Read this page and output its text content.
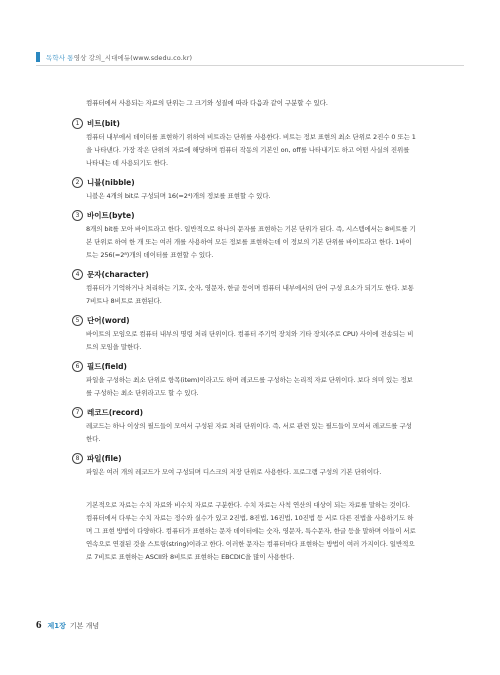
독학사 통영상 강의_시대에듀(www.sdedu.co.kr)

컴퓨터에서 사용되는 자료의 단위는 그 크기와 성질에 따라 다음과 같이 구분할 수 있다.

1	비트(bit)

컴퓨터 내부에서 데이터를 표현하기 위하여 비트라는 단위를 사용한다. 비트는 정보 표현의 최소 단위로 2진수 0 또는 1을 나타낸다. 가장 작은 단위의 자료에 해당하며 컴퓨터 작동의 기본인 on, off를 나타내기도 하고 어떤 사실의 진위를 나타내는 데 사용되기도 한다.

2	니블(nibble)

니블은 4개의 bit로 구성되며 16(=2⁴)개의 정보를 표현할 수 있다.

3	바이트(byte)

8개의 bit를 모아 바이트라고 한다. 일반적으로 하나의 문자를 표현하는 기본 단위가 된다. 즉, 시스템에서는 8비트를 기본 단위로 하여 한 개 또는 여러 개를 사용하여 모든 정보를 표현하는데 이 정보의 기본 단위를 바이트라고 한다. 1바이트는 256(=2⁸)개의 데이터를 표현할 수 있다.

4	문자(character)

컴퓨터가 기억하거나 처리하는 기호, 숫자, 영문자, 한글 등이며 컴퓨터 내부에서의 단어 구성 요소가 되기도 한다. 보통 7비트나 8비트로 표현된다.

5	단어(word)

바이트의 모임으로 컴퓨터 내부의 명령 처리 단위이다. 컴퓨터 주기억 장치와 기타 장치(주로 CPU) 사이에 전송되는 비트의 모임을 말한다.

6	필드(field)

파일을 구성하는 최소 단위로 항목(item)이라고도 하며 레코드를 구성하는 논리적 자료 단위이다. 보다 의미 있는 정보를 구성하는 최소 단위라고도 할 수 있다.

7	레코드(record)

레코드는 하나 이상의 필드들이 모여서 구성된 자료 처리 단위이다. 즉, 서로 관련 있는 필드들이 모여서 레코드를 구성한다.

8	파일(file)

파일은 여러 개의 레코드가 모여 구성되며 디스크의 저장 단위로 사용한다. 프로그램 구성의 기본 단위이다.

기본적으로 자료는 수치 자료와 비수치 자료로 구분한다. 수치 자료는 사칙 연산의 대상이 되는 자료를 말하는 것이다. 컴퓨터에서 다루는 수치 자료는 정수와 실수가 있고 2진법, 8진법, 16진법, 10진법 등 서로 다른 진법을 사용하기도 하며 그 표현 방법이 다양하다. 컴퓨터가 표현하는 문자 데이터에는 숫자, 영문자, 특수문자, 한글 등을 말하며 이들이 서로 연속으로 연결된 것을 스트링(string)이라고 한다. 이러한 문자는 컴퓨터마다 표현하는 방법이 여러 가지이다. 일반적으로 7비트로 표현하는 ASCII와 8비트로 표현하는 EBCDIC을 많이 사용한다.

6 제1장 기본 개념
